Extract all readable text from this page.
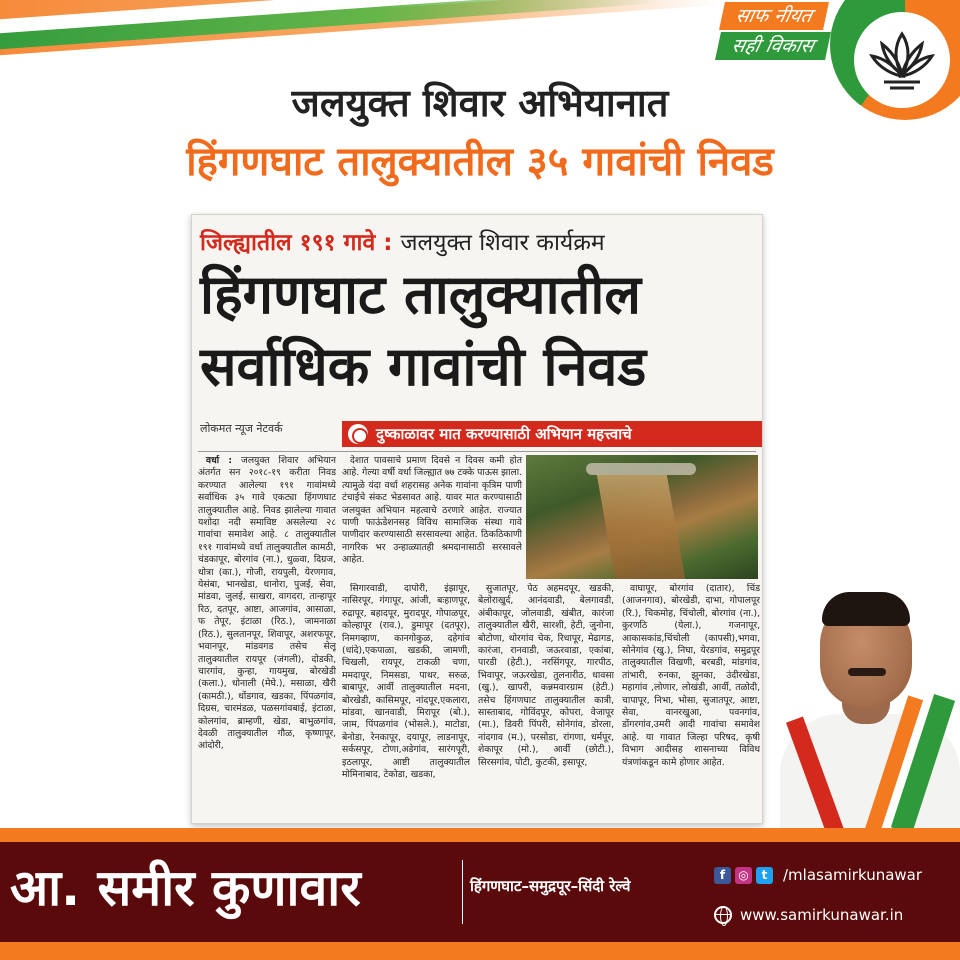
साफ नीयत
सही विकास
जलयुक्त शिवार अभियानात
हिंगणघाट तालुक्यातील ३५ गावांची निवड
जिल्ह्यातील १९१ गावे : जलयुक्त शिवार कार्यक्रम
हिंगणघाट तालुक्यातील सर्वाधिक गावांची निवड
लोकमत न्यूज नेटवर्क	दुष्काळावर मात करण्यासाठी अभियान महत्त्वाचे

वर्धा : जलयुक्त शिवार अभियान अंतर्गत सन २०१८-१९ करीता निवड करण्यात आलेल्या १९१ गावांमध्ये सर्वाधिक ३५ गावे एकट्या हिंगणघाट तालुक्यातील आहे. निवड झालेल्या गावात यशोदा नदी समाविष्ट असलेल्या २८ गावांचा समावेश आहे. ८ तालुक्यातील १९१ गावांमध्ये वर्धा तालुक्यातील कामठी, चंडकापूर, बोरगांव (ना.), धुळ्वा, दिग्रज, धोत्रा (का.), गोजी, रायपुली, येरणगाव, येसंबा, भानखेडा, धानोरा, पुजई, सेवा, मांडवा, जुलई, साखरा, वागदरा, तान्हापूर रिठ, दतपूर, आष्टा, आजगांव, आसाळा, फ तेपूर, इंटाळा (रिठ.), जामनाळा (रिठ.), सुलतानपूर, शिवापूर, अशरफपूर, भवानपूर, मांडवगड तसेच सेलू तालुक्यातील रायपूर (जंगली), दोडकी, चारगांव, कुन्हा, गायमुख, बोरखेडी (कला.), धोनाली (मेघे.), मसाळा, खैरी (कामठी.), धोंडगाव, खडका, पिंपळगांव, दिग्रस, चारमंडळ, पळसगांवबाई, इंटाळा, कोलगांव, ब्राम्हणी, खेडा, बाभुळगांव, देवळी तालुक्यातील गौळ, कृष्णापूर, आंदोरी,

देशात पावसाचे प्रमाण दिवसे न दिवस कमी होत आहे. गेल्या वर्षी वर्धा जिल्ह्यात ७७ टक्के पाऊस झाला. त्यामुळे यंदा वर्धा शहरासह अनेक गावांना कृत्रिम पाणी टंचाईचे संकट भेडसावत आहे. यावर मात करण्यासाठी जलयुक्त अभियान महत्वाचे ठरणारे आहेत. राज्यात पाणी फाऊंडेशनसह विविध सामाजिक संस्था गावे पाणीदार करण्यासाठी सरसावल्या आहेत. ठिकठिकाणी नागरिक भर उन्हाळ्यातही श्रमदानासाठी सरसावले आहेत.

सिगारवाडी, दापोरी, इंझापूर, नासिरपूर, गंगापूर, आंजी, बःहाणपूर, रुद्रापूर, बहादपूर, मुरादपूर, गोपाळपूर, कोल्हापूर (राव.), डुमापूर (दतपूर), निमगव्हाण, कानगोकुळ, दहेगांव (धांदे),एकपाळा, खडकी, जामणी, चिखली, रायपूर, टाकळी चणा, ममदापूर, निमसडा, पाथर, सरुळ, बाबापूर, आर्वी तालुक्यातील मदना, बोरखेडी, कासिमपूर, नांदपूर,एकलारा, मांडवा, खानवाडी, मिरापूर (बो.), जाम, पिंपळगांव (भोसले.), माटोडा, बेनोडा, रेनकापूर, दयापूर, लाडनापूर, सर्कसपूर, टोणा,अडेगांव, सारंगपूरी, इठलापूर, आष्टी तालुक्यातील मोमिनाबाद, टेकोडा, खडका,

सुजातपूर, पेठ अहमदपूर, खडकी, बेलोराखुर्द, आनंदवाडी, बेलगावडी, अंबीकापूर, जोलवाडी, खंबीत, कारंजा तालुक्यातील खैरी, सारशी, हेटी, जुनोना, बोटोणा, थोरगांव चेक, रिधापूर, मेढागड, कारंजा, रानवाडी, जऊरवाडा, एकांबा, पारडी (हेटी.), नरसिंगपूर, गारपीठ, भिवापूर, जऊरखेडा, तुलनारीठ, धावसा (खु.), खापरी, कन्नमवारग्राम (हेटी.) तसेच हिंगणघाट तालुक्यातील कात्री, सास्ताबाद, गोविंदपूर, कोपरा, वेजापूर (मा.), डिवरी पिंपरी, सोनेगांव, डोरला, नांदगाव (म.), परसोडा, रांगणा, धर्मपूर, शेकापूर (मो.), आर्वी (छोटी.), सिरसगांव, पोटी, कुटकी, इसापूर,

वाघापूर, बोरगांव (दातार), चिंड (आजनगाव), बोरखेडी, दाभा, गोपालपूर (रि.), चिकमोह, चिंचोली, बोरगांव (ना.), कुरणठि (येला.), गजनापूर, आकासकांड,चिंचोली (कापसी),भगवा, सोनेगांव (खु.), निघा, येरडगांव, समुद्रपूर तालुक्यातील विखणी, बरबडी, मांडगांव, तांभारी, रुनका, झुनका, उंदीरखेडा, महागांव ,लोणार, लोखंडी, आर्वी, तळोदी, चापापूर, निभा, भोसा, सुजातपूर, आष्टा, सेवा, वानरखुआ, पवनगांव, डोंगरगांव,उमरी आदी गावांचा समावेश आहे. या गावात जिल्हा परिषद, कृषी विभाग आदीसह शासनाच्या विविध यंत्रणांकडून कामे होणार आहेत.

आ. समीर कुणावार	हिंगणघाट–समुद्रपूर–सिंदी रेल्वे
f	◎	t	/mlasamirkunawar
www.samirkunawar.in
